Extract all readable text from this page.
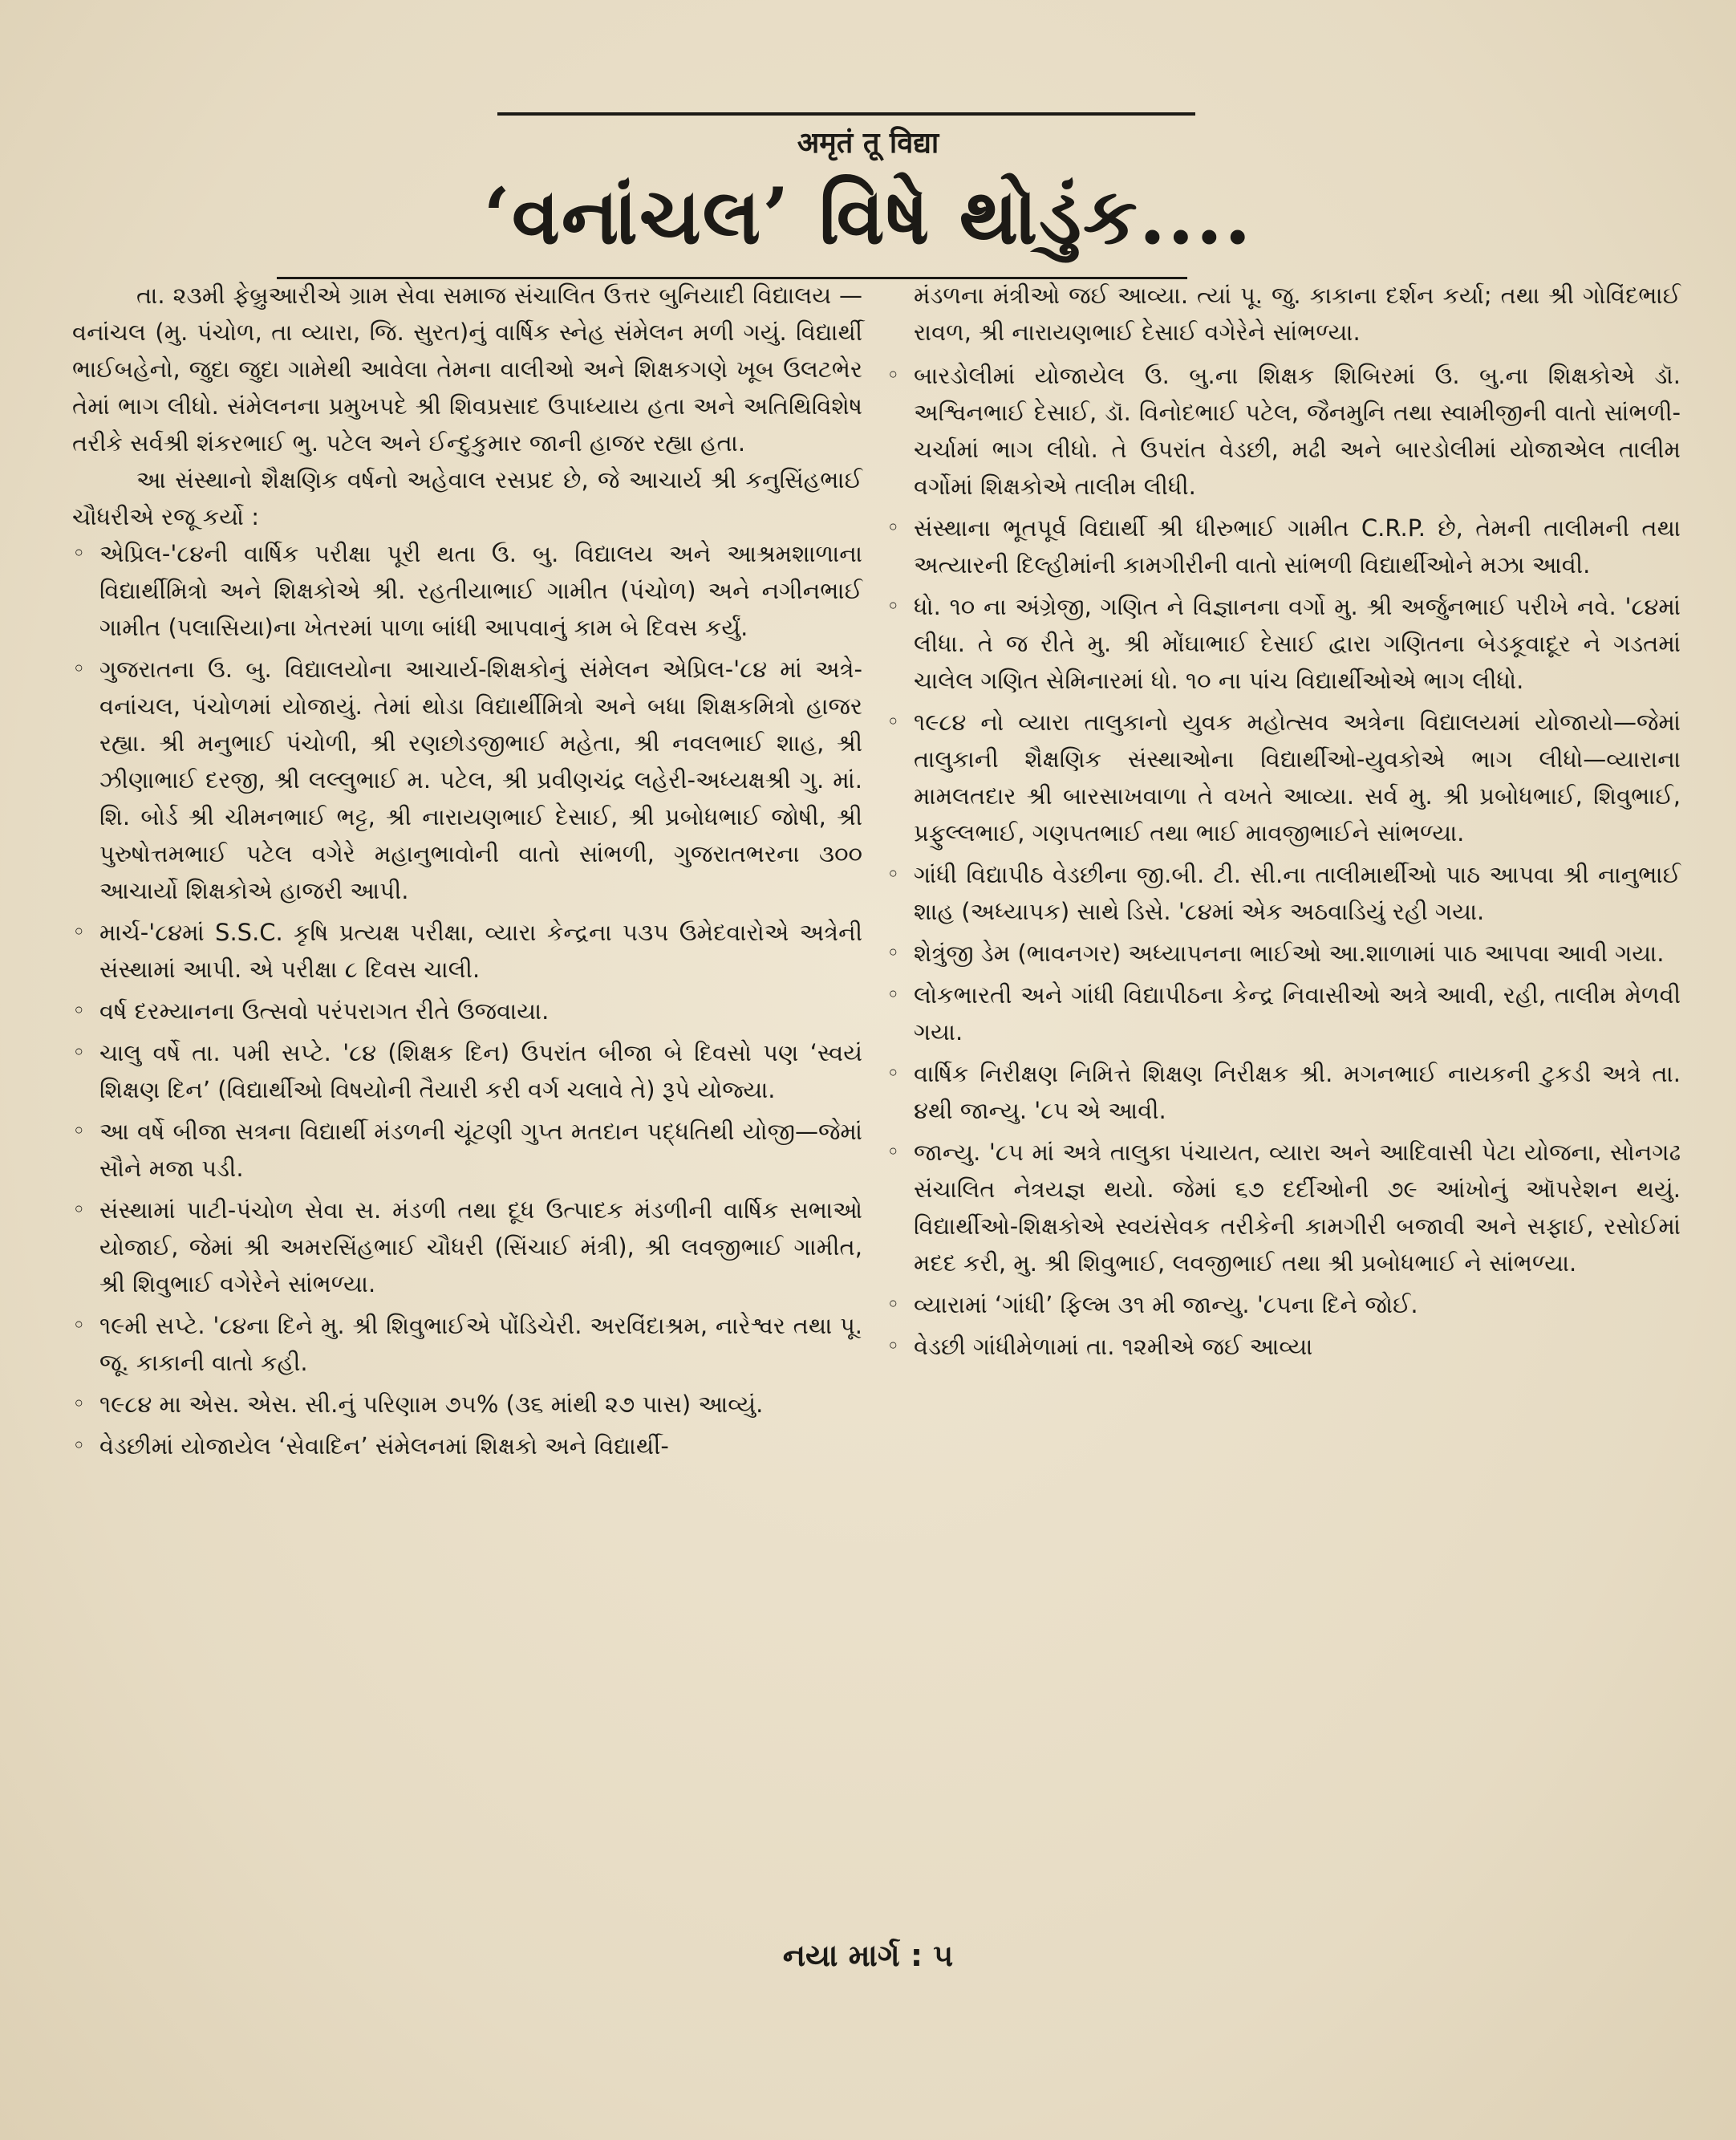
अमृतं तू विद्या
‘વનાંચલ’ વિષે થોડુંક....

તા. ૨૩મી ફેબ્રુઆરીએ ગ્રામ સેવા સમાજ સંચાલિત ઉત્તર બુનિયાદી વિદ્યાલય — વનાંચલ (મુ. પંચોળ, તા વ્યારા, જિ. સુરત)નું વાર્ષિક સ્નેહ સંમેલન મળી ગયું. વિદ્યાર્થી ભાઈબહેનો, જુદા જુદા ગામેથી આવેલા તેમના વાલીઓ અને શિક્ષકગણે ખૂબ ઉલટભેર તેમાં ભાગ લીધો. સંમેલનના પ્રમુખપદે શ્રી શિવપ્રસાદ ઉપાધ્યાય હતા અને અતિથિવિશેષ તરીકે સર્વશ્રી શંકરભાઈ ભુ. પટેલ અને ઈન્દુકુમાર જાની હાજર રહ્યા હતા.

આ સંસ્થાનો શૈક્ષણિક વર્ષનો અહેવાલ રસપ્રદ છે, જે આચાર્ય શ્રી કનુસિંહભાઈ ચૌધરીએ રજૂ કર્યો :

◦ એપ્રિલ-'૮૪ની વાર્ષિક પરીક્ષા પૂરી થતા ઉ. બુ. વિદ્યાલય અને આશ્રમશાળાના વિદ્યાર્થીમિત્રો અને શિક્ષકોએ શ્રી. રહતીયાભાઈ ગામીત (પંચોળ) અને નગીનભાઈ ગામીત (પલાસિયા)ના ખેતરમાં પાળા બાંધી આપવાનું કામ બે દિવસ કર્યું.
◦ ગુજરાતના ઉ. બુ. વિદ્યાલયોના આચાર્ય-શિક્ષકોનું સંમેલન એપ્રિલ-'૮૪ માં અત્રે-વનાંચલ, પંચોળમાં યોજાયું. તેમાં થોડા વિદ્યાર્થીમિત્રો અને બધા શિક્ષકમિત્રો હાજર રહ્યા. શ્રી મનુભાઈ પંચોળી, શ્રી રણછોડજીભાઈ મહેતા, શ્રી નવલભાઈ શાહ, શ્રી ઝીણાભાઈ દરજી, શ્રી લલ્લુભાઈ મ. પટેલ, શ્રી પ્રવીણચંદ્ર લહેરી-અધ્યક્ષશ્રી ગુ. માં. શિ. બોર્ડ શ્રી ચીમનભાઈ ભટ્ટ, શ્રી નારાયણભાઈ દેસાઈ, શ્રી પ્રબોધભાઈ જોષી, શ્રી પુરુષોત્તમભાઈ પટેલ વગેરે મહાનુભાવોની વાતો સાંભળી, ગુજરાતભરના ૩૦૦ આચાર્યો શિક્ષકોએ હાજરી આપી.
◦ માર્ચ-'૮૪માં S.S.C. કૃષિ પ્રત્યક્ષ પરીક્ષા, વ્યારા કેન્દ્રના ૫૩૫ ઉમેદવારોએ અત્રેની સંસ્થામાં આપી. એ પરીક્ષા ૮ દિવસ ચાલી.
◦ વર્ષ દરમ્યાનના ઉત્સવો પરંપરાગત રીતે ઉજવાયા.
◦ ચાલુ વર્ષે તા. ૫મી સપ્ટે. '૮૪ (શિક્ષક દિન) ઉપરાંત બીજા બે દિવસો પણ ‘સ્વયં શિક્ષણ દિન’ (વિદ્યાર્થીઓ વિષયોની તૈયારી કરી વર્ગ ચલાવે તે) રૂપે યોજ્યા.
◦ આ વર્ષે બીજા સત્રના વિદ્યાર્થી મંડળની ચૂંટણી ગુપ્ત મતદાન પદ્ધતિથી યોજી—જેમાં સૌને મજા પડી.
◦ સંસ્થામાં પાટી-પંચોળ સેવા સ. મંડળી તથા દૂધ ઉત્પાદક મંડળીની વાર્ષિક સભાઓ યોજાઈ, જેમાં શ્રી અમરસિંહભાઈ ચૌધરી (સિંચાઈ મંત્રી), શ્રી લવજીભાઈ ગામીત, શ્રી શિવુભાઈ વગેરેને સાંભળ્યા.
◦ ૧૯મી સપ્ટે. '૮૪ના દિને મુ. શ્રી શિવુભાઈએ પોંડિચેરી. અરવિંદાશ્રમ, નારેશ્વર તથા પૂ. જૂ. કાકાની વાતો કહી.
◦ ૧૯૮૪ મા એસ. એસ. સી.નું પરિણામ ૭૫% (૩૬ માંથી ૨૭ પાસ) આવ્યું.
◦ વેડછીમાં યોજાયેલ ‘સેવાદિન’ સંમેલનમાં શિક્ષકો અને વિદ્યાર્થી-

મંડળના મંત્રીઓ જઈ આવ્યા. ત્યાં પૂ. જુ. કાકાના દર્શન કર્યા; તથા શ્રી ગોવિંદભાઈ રાવળ, શ્રી નારાયણભાઈ દેસાઈ વગેરેને સાંભળ્યા.

◦ બારડોલીમાં યોજાયેલ ઉ. બુ.ના શિક્ષક શિબિરમાં ઉ. બુ.ના શિક્ષકોએ ડૉ. અશ્વિનભાઈ દેસાઈ, ડૉ. વિનોદભાઈ પટેલ, જૈનમુનિ તથા સ્વામીજીની વાતો સાંભળી-ચર્ચામાં ભાગ લીધો. તે ઉપરાંત વેડછી, મઢી અને બારડોલીમાં યોજાએલ તાલીમ વર્ગોમાં શિક્ષકોએ તાલીમ લીધી.
◦ સંસ્થાના ભૂતપૂર્વ વિદ્યાર્થી શ્રી ધીરુભાઈ ગામીત C.R.P. છે, તેમની તાલીમની તથા અત્યારની દિલ્હીમાંની કામગીરીની વાતો સાંભળી વિદ્યાર્થીઓને મઝા આવી.
◦ ધો. ૧૦ ના અંગ્રેજી, ગણિત ને વિજ્ઞાનના વર્ગો મુ. શ્રી અર્જુનભાઈ પરીખે નવે. '૮૪માં લીધા. તે જ રીતે મુ. શ્રી મોંઘાભાઈ દેસાઈ દ્વારા ગણિતના બેડકૂવાદૂર ને ગડતમાં ચાલેલ ગણિત સેમિનારમાં ધો. ૧૦ ના પાંચ વિદ્યાર્થીઓએ ભાગ લીધો.
◦ ૧૯૮૪ નો વ્યારા તાલુકાનો યુવક મહોત્સવ અત્રેના વિદ્યાલયમાં યોજાયો—જેમાં તાલુકાની શૈક્ષણિક સંસ્થાઓના વિદ્યાર્થીઓ-યુવકોએ ભાગ લીધો—વ્યારાના મામલતદાર શ્રી બારસાખવાળા તે વખતે આવ્યા. સર્વ મુ. શ્રી પ્રબોધભાઈ, શિવુભાઈ, પ્રફુલ્લભાઈ, ગણપતભાઈ તથા ભાઈ માવજીભાઈને સાંભળ્યા.
◦ ગાંધી વિદ્યાપીઠ વેડછીના જી.બી. ટી. સી.ના તાલીમાર્થીઓ પાઠ આપવા શ્રી નાનુભાઈ શાહ (અધ્યાપક) સાથે ડિસે. '૮૪માં એક અઠવાડિયું રહી ગયા.
◦ શેત્રુંજી ડેમ (ભાવનગર) અધ્યાપનના ભાઈઓ આ.શાળામાં પાઠ આપવા આવી ગયા.
◦ લોકભારતી અને ગાંધી વિદ્યાપીઠના કેન્દ્ર નિવાસીઓ અત્રે આવી, રહી, તાલીમ મેળવી ગયા.
◦ વાર્ષિક નિરીક્ષણ નિમિત્તે શિક્ષણ નિરીક્ષક શ્રી. મગનભાઈ નાયકની ટુકડી અત્રે તા. ૪થી જાન્યુ. '૮૫ એ આવી.
◦ જાન્યુ. '૮૫ માં અત્રે તાલુકા પંચાયત, વ્યારા અને આદિવાસી પેટા યોજના, સોનગઢ સંચાલિત નેત્રયજ્ઞ થયો. જેમાં ૬૭ દર્દીઓની ૭૯ આંખોનું ઑપરેશન થયું. વિદ્યાર્થીઓ-શિક્ષકોએ સ્વયંસેવક તરીકેની કામગીરી બજાવી અને સફાઈ, રસોઈમાં મદદ કરી, મુ. શ્રી શિવુભાઈ, લવજીભાઈ તથા શ્રી પ્રબોધભાઈ ને સાંભળ્યા.
◦ વ્યારામાં ‘ગાંધી’ ફિલ્મ ૩૧ મી જાન્યુ. '૮૫ના દિને જોઈ.
◦ વેડછી ગાંધીમેળામાં તા. ૧૨મીએ જઈ આવ્યા
નયા માર્ગ : ૫
